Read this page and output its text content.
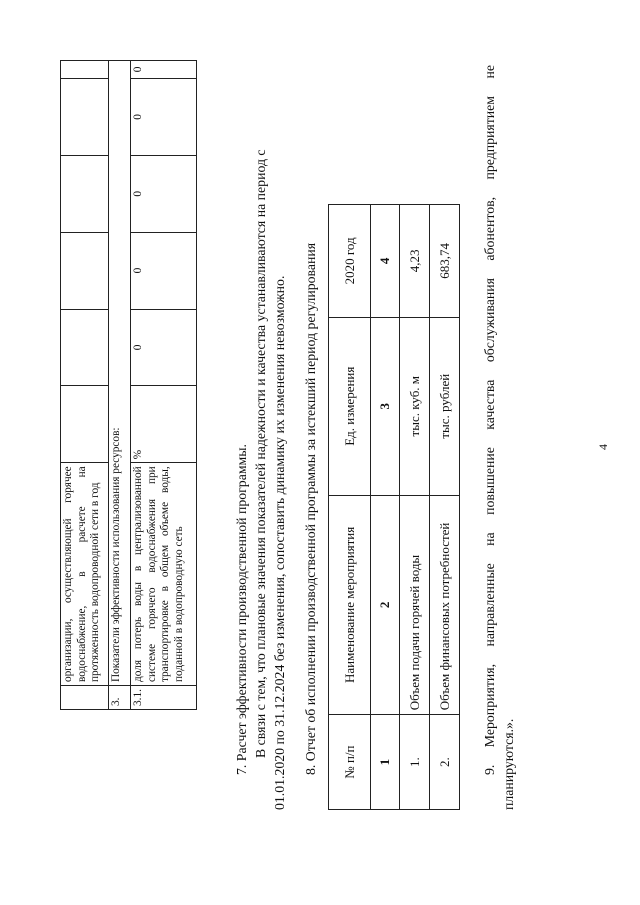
4

	организации, осуществляющей горячее водоснабжение, в расчете на протяженность водопроводной сети в год						

3.	Показатели эффективности использования ресурсов:						
3.1.	доля потерь воды в централизованной системе горячего водоснабжения при транспортировке в общем объеме воды, поданной в водопроводную сеть	%	0	0	0	0	0
7. Расчет эффективности производственной программы. В связи с тем, что плановые значения показателей надежности и качества устанавливаются на период с 01.01.2020 по 31.12.2024 без изменения, сопоставить динамику их изменения невозможно. 8. Отчет об исполнении производственной программы за истекший период регулирования № п/п	Наименование мероприятия	Ед. измерения	2020 год
1	2	3	4
1.	Объем подачи горячей воды	тыс. куб. м	4,23
2.	Объем финансовых потребностей	тыс. рублей	683,74 9. Мероприятия, направленные на повышение качества обслуживания абонентов, предприятием не планируются.».
